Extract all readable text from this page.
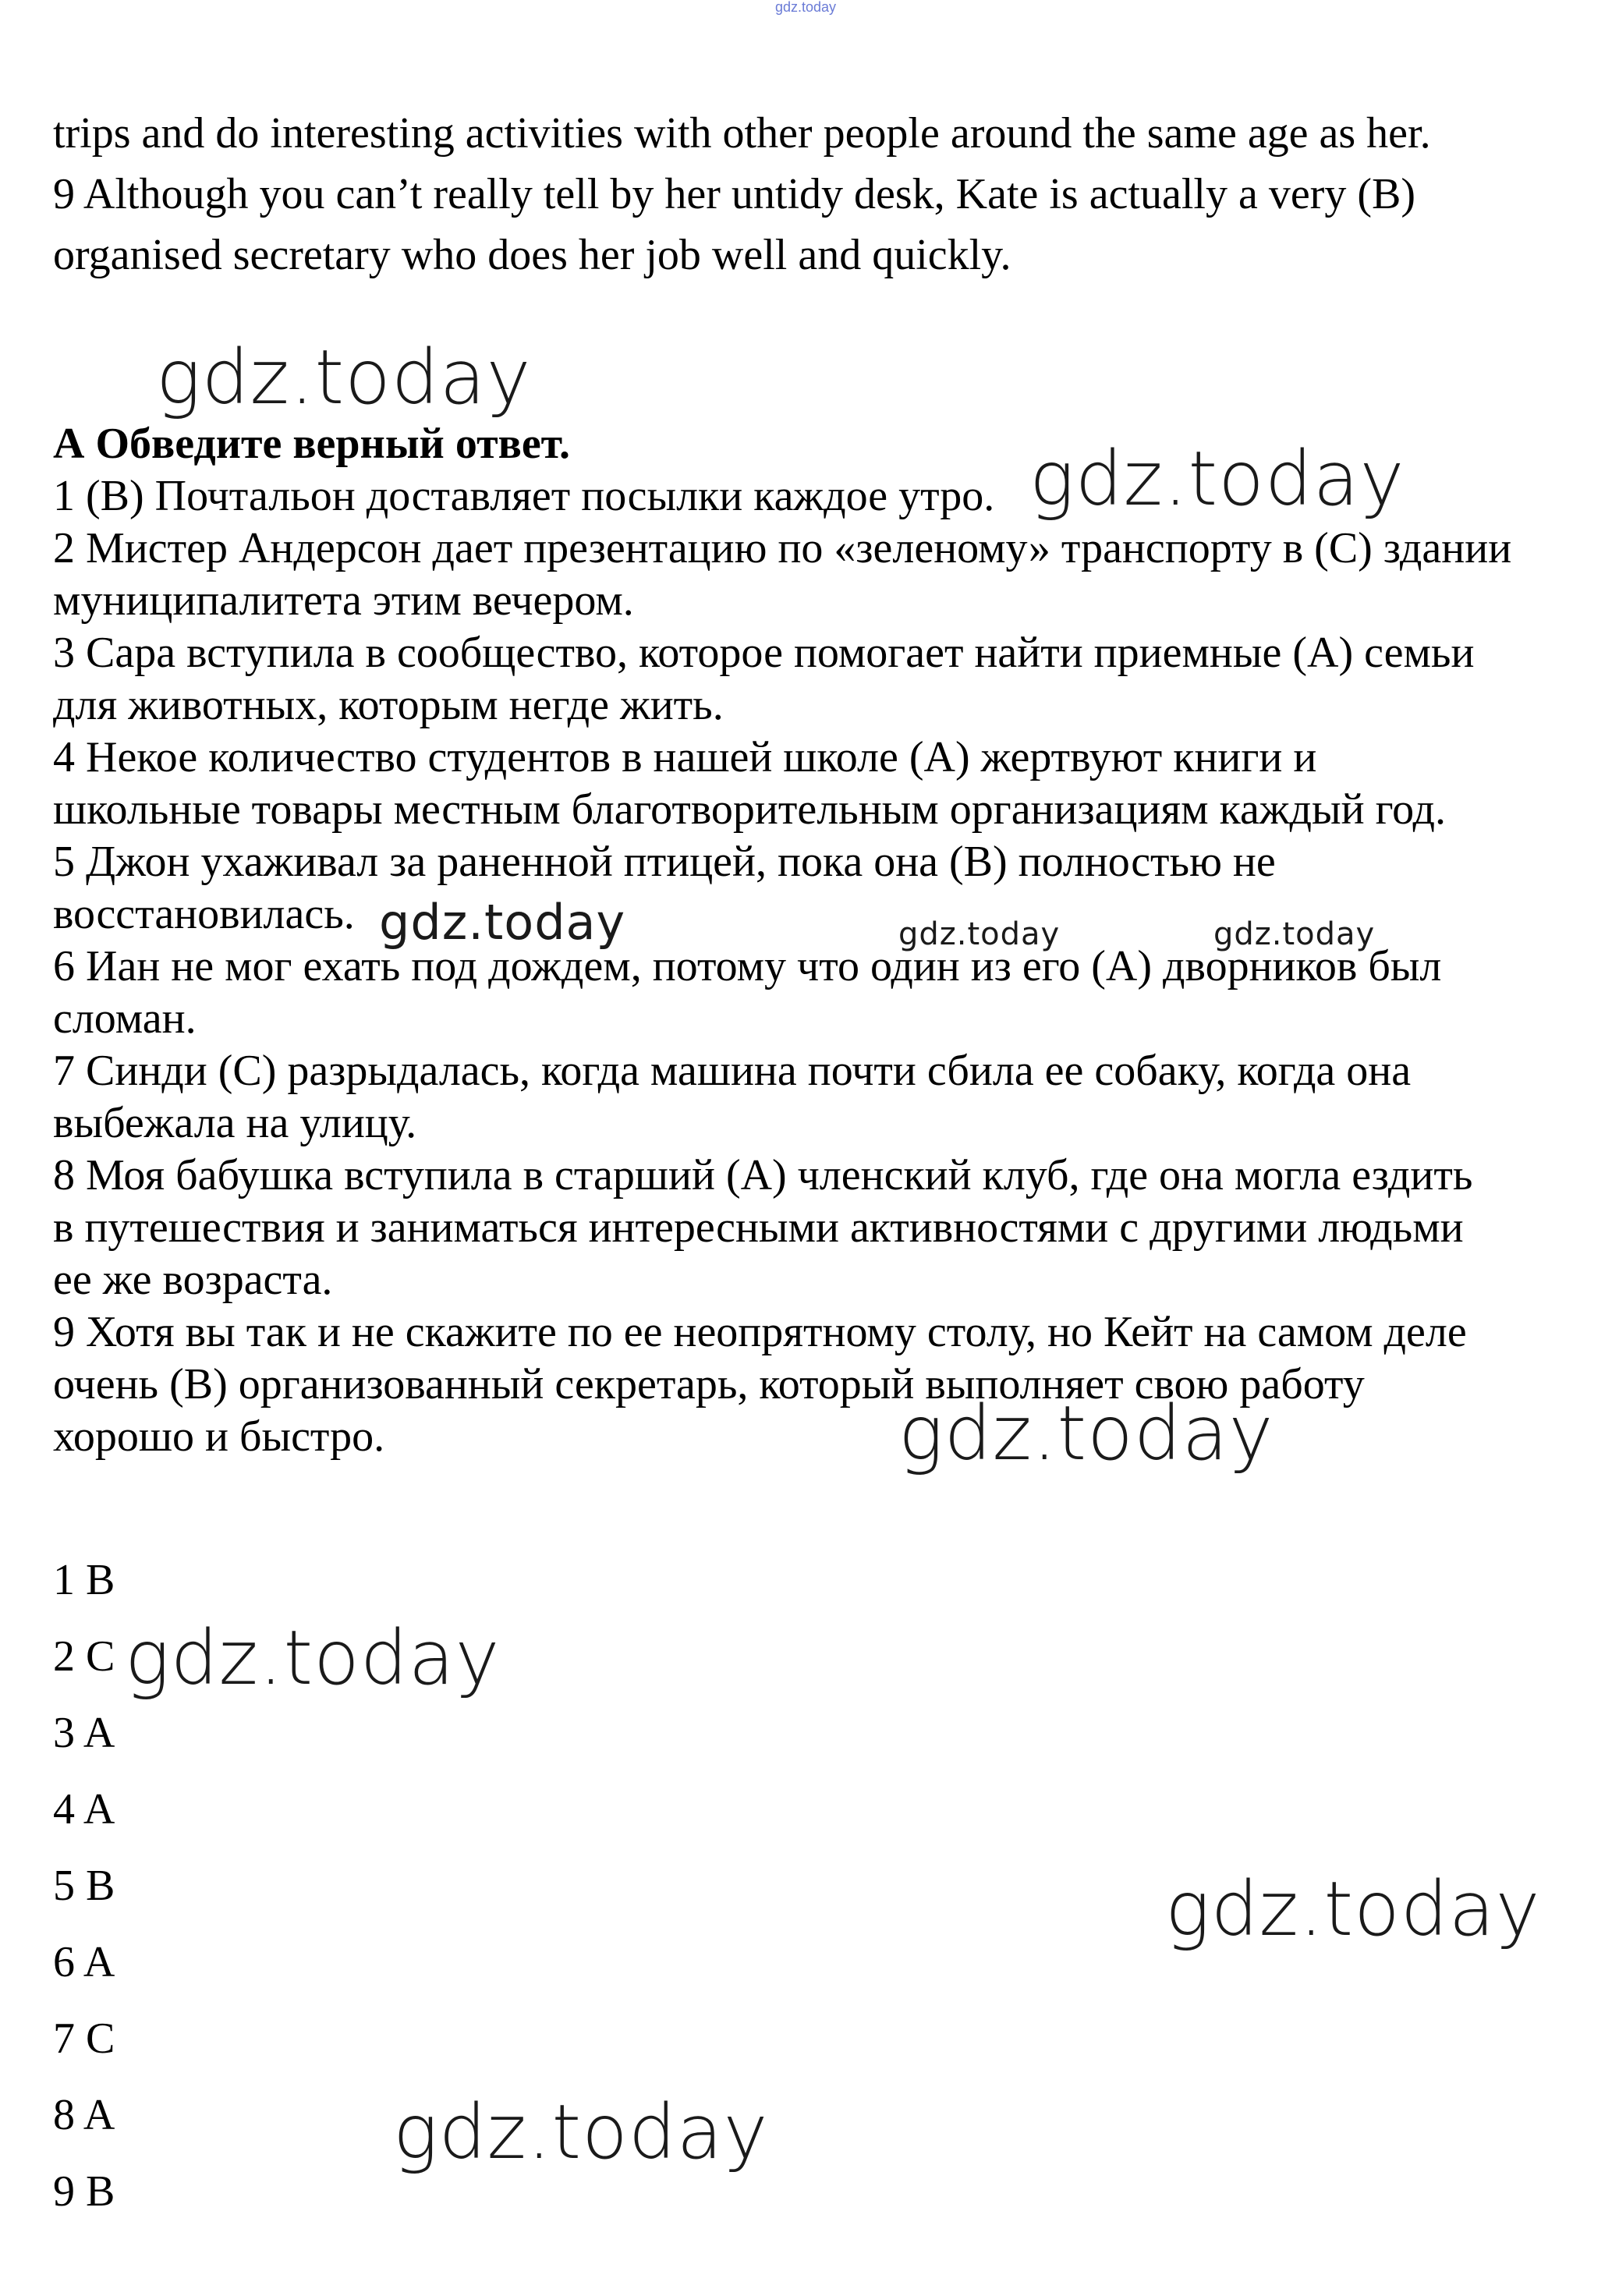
gdz.today

trips and do interesting activities with other people around the same age as her.

9 Although you can’t really tell by her untidy desk, Kate is actually a very (B)

organised secretary who does her job well and quickly.

А Обведите верный ответ.

1 (В) Почтальон доставляет посылки каждое утро.

2 Мистер Андерсон дает презентацию по «зеленому» транспорту в (С) здании

муниципалитета этим вечером.

3 Сара вступила в сообщество, которое помогает найти приемные (А) семьи

для животных, которым негде жить.

4 Некое количество студентов в нашей школе (А) жертвуют книги и

школьные товары местным благотворительным организациям каждый год.

5 Джон ухаживал за раненной птицей, пока она (В) полностью не

восстановилась.

6 Иан не мог ехать под дождем, потому что один из его (А) дворников был

сломан.

7 Синди (С) разрыдалась, когда машина почти сбила ее собаку, когда она

выбежала на улицу.

8 Моя бабушка вступила в старший (А) членский клуб, где она могла ездить

в путешествия и заниматься интересными активностями с другими людьми

ее же возраста.

9 Хотя вы так и не скажите по ее неопрятному столу, но Кейт на самом деле

очень (В) организованный секретарь, который выполняет свою работу

хорошо и быстро.

1 B
2 C
3 A
4 A
5 B
6 A
7 C
8 A
9 B
gdz.today
gdz.today
gdz.today	gdz.today	gdz.today
gdz.today
gdz.today
gdz.today
gdz.today
